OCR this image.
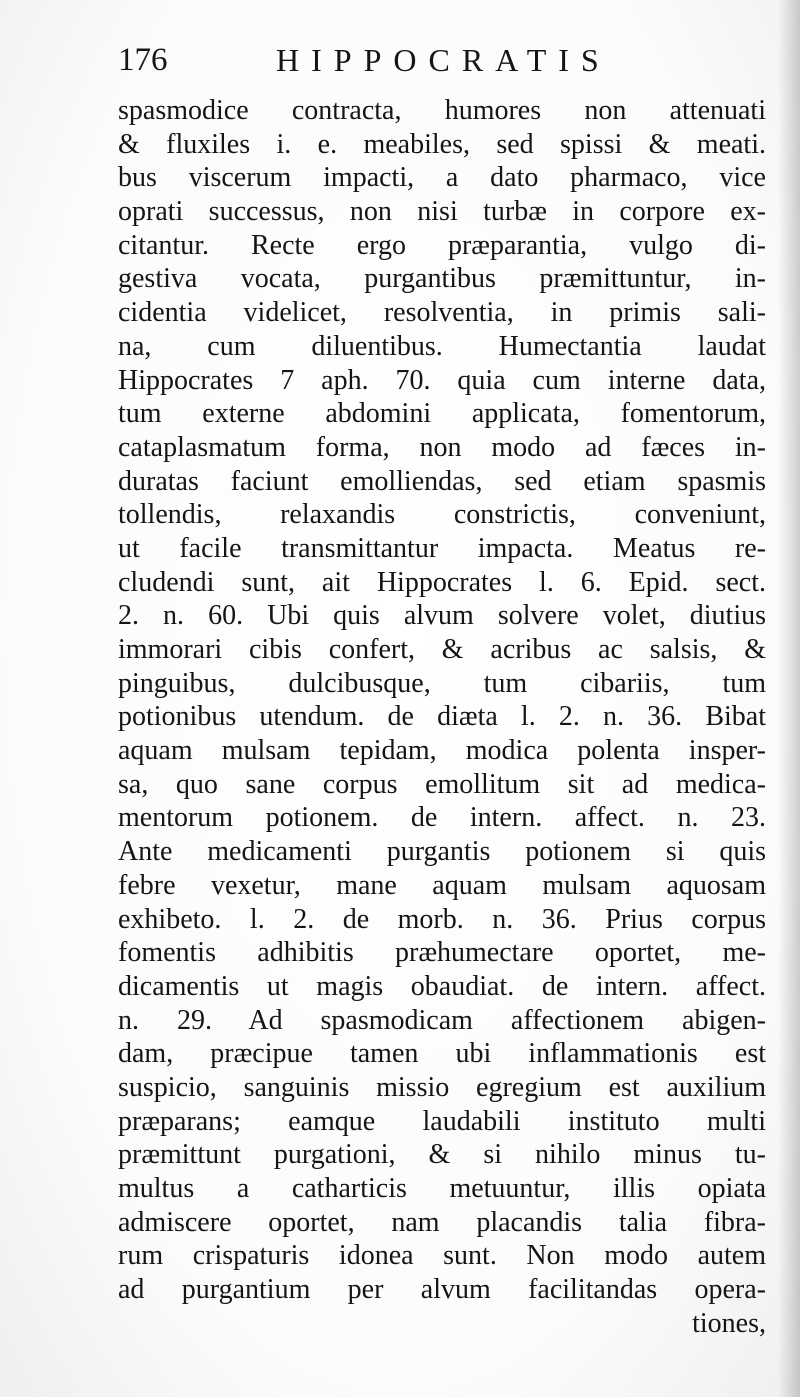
176	HIPPOCRATIS
spasmodice contracta, humores non attenuati
& fluxiles i. e. meabiles, sed spissi & meati.
bus viscerum impacti, a dato pharmaco, vice
oprati successus, non nisi turbæ in corpore ex-
citantur. Recte ergo præparantia, vulgo di-
gestiva vocata, purgantibus præmittuntur, in-
cidentia videlicet, resolventia, in primis sali-
na, cum diluentibus. Humectantia laudat
Hippocrates 7 aph. 70. quia cum interne data,
tum externe abdomini applicata, fomentorum,
cataplasmatum forma, non modo ad fæces in-
duratas faciunt emolliendas, sed etiam spasmis
tollendis, relaxandis constrictis, conveniunt,
ut facile transmittantur impacta. Meatus re-
cludendi sunt, ait Hippocrates l. 6. Epid. sect.
2. n. 60. Ubi quis alvum solvere volet, diutius
immorari cibis confert, & acribus ac salsis, &
pinguibus, dulcibusque, tum cibariis, tum
potionibus utendum. de diæta l. 2. n. 36. Bibat
aquam mulsam tepidam, modica polenta insper-
sa, quo sane corpus emollitum sit ad medica-
mentorum potionem. de intern. affect. n. 23.
Ante medicamenti purgantis potionem si quis
febre vexetur, mane aquam mulsam aquosam
exhibeto. l. 2. de morb. n. 36. Prius corpus
fomentis adhibitis præhumectare oportet, me-
dicamentis ut magis obaudiat. de intern. affect.
n. 29. Ad spasmodicam affectionem abigen-
dam, præcipue tamen ubi inflammationis est
suspicio, sanguinis missio egregium est auxilium
præparans; eamque laudabili instituto multi
præmittunt purgationi, & si nihilo minus tu-
multus a catharticis metuuntur, illis opiata
admiscere oportet, nam placandis talia fibra-
rum crispaturis idonea sunt. Non modo autem
ad purgantium per alvum facilitandas opera-
tiones,
